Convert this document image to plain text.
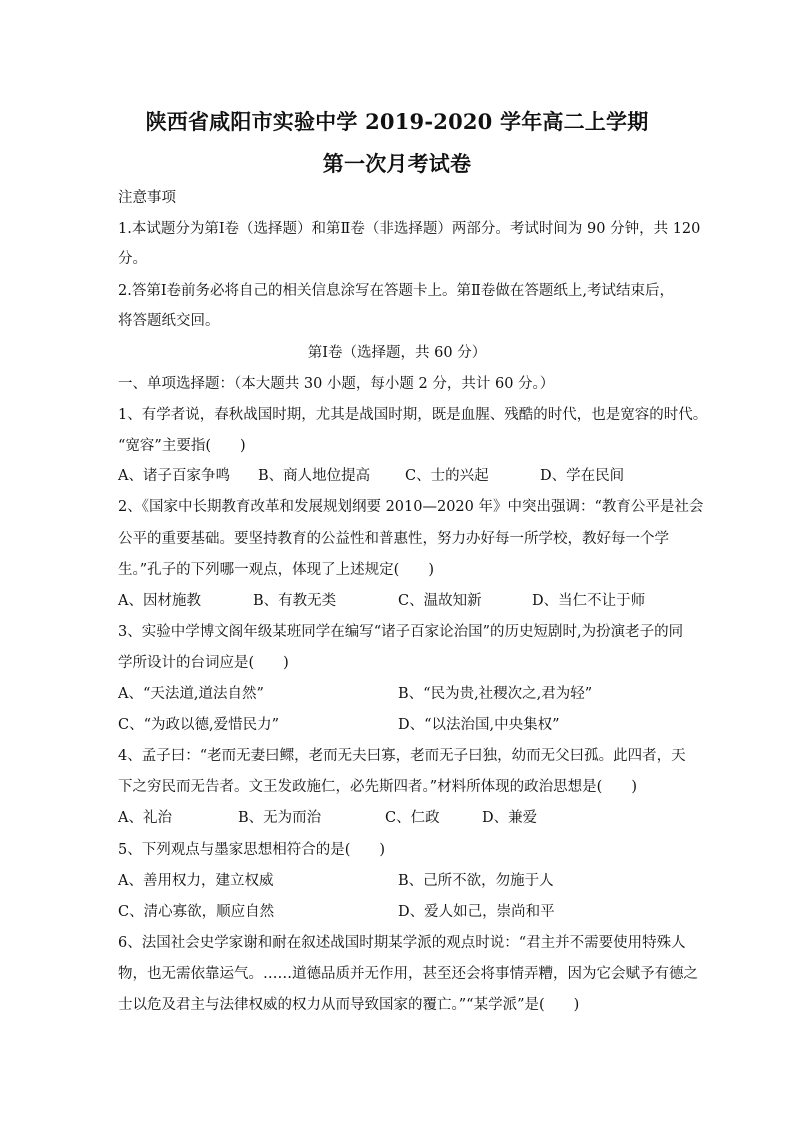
陕西省咸阳市实验中学 2019-2020 学年高二上学期
第一次月考试卷
注意事项
1.本试题分为第Ⅰ卷（选择题）和第Ⅱ卷（非选择题）两部分。考试时间为 90 分钟，共 120
分。
2.答第Ⅰ卷前务必将自己的相关信息涂写在答题卡上。第Ⅱ卷做在答题纸上,考试结束后，
将答题纸交回。
第Ⅰ卷（选择题，共 60 分）
一、单项选择题：（本大题共 30 小题，每小题 2 分，共计 60 分。）
1、有学者说，春秋战国时期，尤其是战国时期，既是血腥、残酷的时代，也是宽容的时代。
“宽容”主要指(　　)
A、诸子百家争鸣 B、商人地位提高 C、士的兴起	D、学在民间
2、《国家中长期教育改革和发展规划纲要 2010—2020 年》中突出强调：“教育公平是社会
公平的重要基础。要坚持教育的公益性和普惠性，努力办好每一所学校，教好每一个学
生。”孔子的下列哪一观点，体现了上述规定(　　)
A、因材施教	B、有教无类	C、温故知新	D、当仁不让于师
3、实验中学博文阁年级某班同学在编写“诸子百家论治国”的历史短剧时,为扮演老子的同
学所设计的台词应是(　　)
A、“天法道,道法自然”	B、“民为贵,社稷次之,君为轻”
C、“为政以德,爱惜民力”	D、“以法治国,中央集权”
4、孟子曰：“老而无妻曰鳏，老而无夫曰寡，老而无子曰独，幼而无父曰孤。此四者，天
下之穷民而无告者。文王发政施仁，必先斯四者。”材料所体现的政治思想是(　　)
A、礼治	B、无为而治	C、仁政	D、兼爱
5、下列观点与墨家思想相符合的是(　　)
A、善用权力，建立权威	B、己所不欲，勿施于人
C、清心寡欲，顺应自然	D、爱人如己，崇尚和平
6、法国社会史学家谢和耐在叙述战国时期某学派的观点时说：“君主并不需要使用特殊人
物，也无需依靠运气。……道德品质并无作用，甚至还会将事情弄糟，因为它会赋予有德之
士以危及君主与法律权威的权力从而导致国家的覆亡。”“某学派”是(　　)
